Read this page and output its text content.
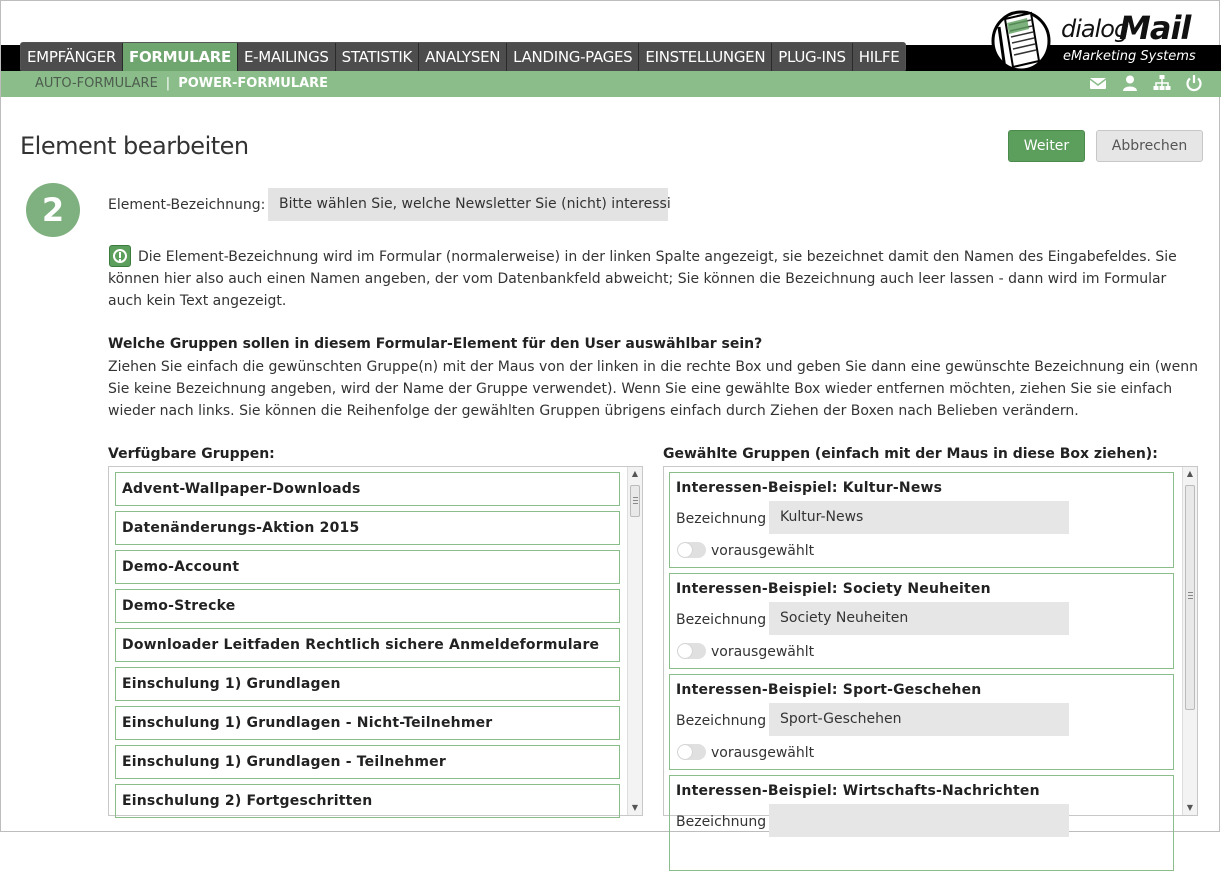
EMPFÄNGER FORMULARE E-MAILINGS STATISTIK ANALYSEN LANDING-PAGES EINSTELLUNGEN PLUG-INS HILFE
dialog
Mail
eMarketing Systems
AUTO-FORMULARE | POWER-FORMULARE
Element bearbeiten	Weiter	Abbrechen
2	Element-Bezeichnung: Bitte wählen Sie, welche Newsletter Sie (nicht) interessi

Die Element-Bezeichnung wird im Formular (normalerweise) in der linken Spalte angezeigt, sie bezeichnet damit den Namen des Eingabefeldes. Sie können hier also auch einen Namen angeben, der vom Datenbankfeld abweicht; Sie können die Bezeichnung auch leer lassen - dann wird im Formular auch kein Text angezeigt.

Welche Gruppen sollen in diesem Formular-Element für den User auswählbar sein?

Ziehen Sie einfach die gewünschten Gruppe(n) mit der Maus von der linken in die rechte Box und geben Sie dann eine gewünschte Bezeichnung ein (wenn Sie keine Bezeichnung angeben, wird der Name der Gruppe verwendet). Wenn Sie eine gewählte Box wieder entfernen möchten, ziehen Sie sie einfach wieder nach links. Sie können die Reihenfolge der gewählten Gruppen übrigens einfach durch Ziehen der Boxen nach Belieben verändern.

Verfügbare Gruppen:	Gewählte Gruppen (einfach mit der Maus in diese Box ziehen):
Advent-Wallpaper-Downloads
Datenänderungs-Aktion 2015
Demo-Account
Demo-Strecke
Downloader Leitfaden Rechtlich sichere Anmeldeformulare
Einschulung 1) Grundlagen
Einschulung 1) Grundlagen - Nicht-Teilnehmer
Einschulung 1) Grundlagen - Teilnehmer
Einschulung 2) Fortgeschritten
▲
▼
Interessen-Beispiel: Kultur-News
Bezeichnung Kultur-News
vorausgewählt
Interessen-Beispiel: Society Neuheiten
Bezeichnung Society Neuheiten
vorausgewählt
Interessen-Beispiel: Sport-Geschehen
Bezeichnung Sport-Geschehen
vorausgewählt
Interessen-Beispiel: Wirtschafts-Nachrichten
Bezeichnung
▲
▼
